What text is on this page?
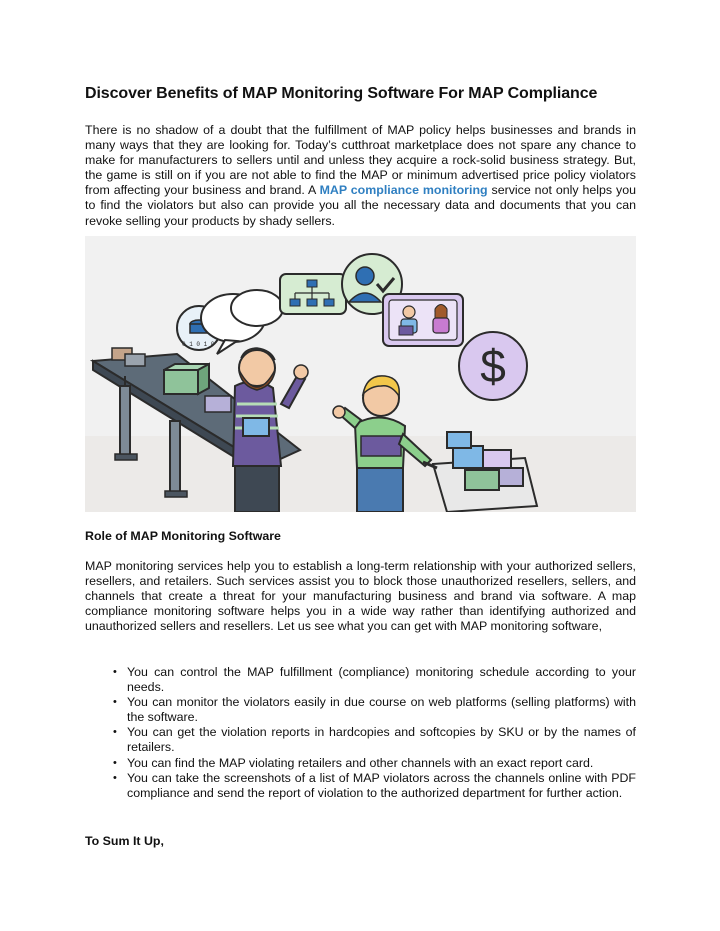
Discover Benefits of MAP Monitoring Software For MAP Compliance

There is no shadow of a doubt that the fulfillment of MAP policy helps businesses and brands in many ways that they are looking for. Today’s cutthroat marketplace does not spare any chance to make for manufacturers to sellers until and unless they acquire a rock-solid business strategy. But, the game is still on if you are not able to find the MAP or minimum advertised price policy violators from affecting your business and brand. A MAP compliance monitoring service not only helps you to find the violators but also can provide you all the necessary data and documents that you can revoke selling your products by shady sellers.

0 1 0 1 0	$
Role of MAP Monitoring Software

MAP monitoring services help you to establish a long-term relationship with your authorized sellers, resellers, and retailers. Such services assist you to block those unauthorized resellers, sellers, and channels that create a threat for your manufacturing business and brand via software. A map compliance monitoring software helps you in a wide way rather than identifying authorized and unauthorized sellers and resellers. Let us see what you can get with MAP monitoring software,

• You can control the MAP fulfillment (compliance) monitoring schedule according to your needs.
• You can monitor the violators easily in due course on web platforms (selling platforms) with the software.
• You can get the violation reports in hardcopies and softcopies by SKU or by the names of retailers.
• You can find the MAP violating retailers and other channels with an exact report card.
• You can take the screenshots of a list of MAP violators across the channels online with PDF compliance and send the report of violation to the authorized department for further action.
To Sum It Up,
